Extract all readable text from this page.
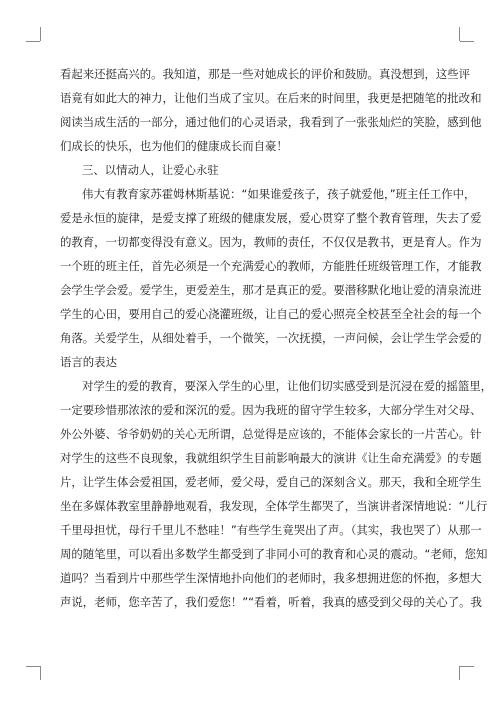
看起来还挺高兴的。我知道，那是一些对她成长的评价和鼓励。真没想到，这些评
语竟有如此大的神力，让他们当成了宝贝。在后来的时间里，我更是把随笔的批改和
阅读当成生活的一部分，通过他们的心灵语录，我看到了一张张灿烂的笑脸，感到他
们成长的快乐，也为他们的健康成长而自豪！
三、以情动人，让爱心永驻
伟大有教育家苏霍姆林斯基说：“如果谁爱孩子，孩子就爱他，”班主任工作中，
爱是永恒的旋律，是爱支撑了班级的健康发展，爱心贯穿了整个教育管理，失去了爱
的教育，一切都变得没有意义。因为，教师的责任，不仅仅是教书，更是育人。作为
一个班的班主任，首先必须是一个充满爱心的教师，方能胜任班级管理工作，才能教
会学生学会爱。爱学生，更爱差生，那才是真正的爱。要潜移默化地让爱的清泉流进
学生的心田，要用自己的爱心浇灌班级，让自己的爱心照亮全校甚至全社会的每一个
角落。关爱学生，从细处着手，一个微笑，一次抚摸，一声问候，会让学生学会爱的
语言的表达
对学生的爱的教育，要深入学生的心里，让他们切实感受到是沉浸在爱的摇篮里，
一定要珍惜那浓浓的爱和深沉的爱。因为我班的留守学生较多，大部分学生对父母、
外公外婆、爷爷奶奶的关心无所谓，总觉得是应该的，不能体会家长的一片苦心。针
对学生的这些不良现象，我就组织学生目前影响最大的演讲《让生命充满爱》的专题
片，让学生体会爱祖国，爱老师，爱父母，爱自己的深刻含义。那天，我和全班学生
坐在多媒体教室里静静地观看，我发现，全体学生都哭了，当演讲者深情地说：“儿行
千里母担忧，母行千里儿不愁哇！”有些学生竟哭出了声。（其实，我也哭了）从那一
周的随笔里，可以看出多数学生都受到了非同小可的教育和心灵的震动。“老师，您知
道吗？当看到片中那些学生深情地扑向他们的老师时，我多想拥进您的怀抱，多想大
声说，老师，您辛苦了，我们爱您！”“看着，听着，我真的感受到父母的关心了。我
